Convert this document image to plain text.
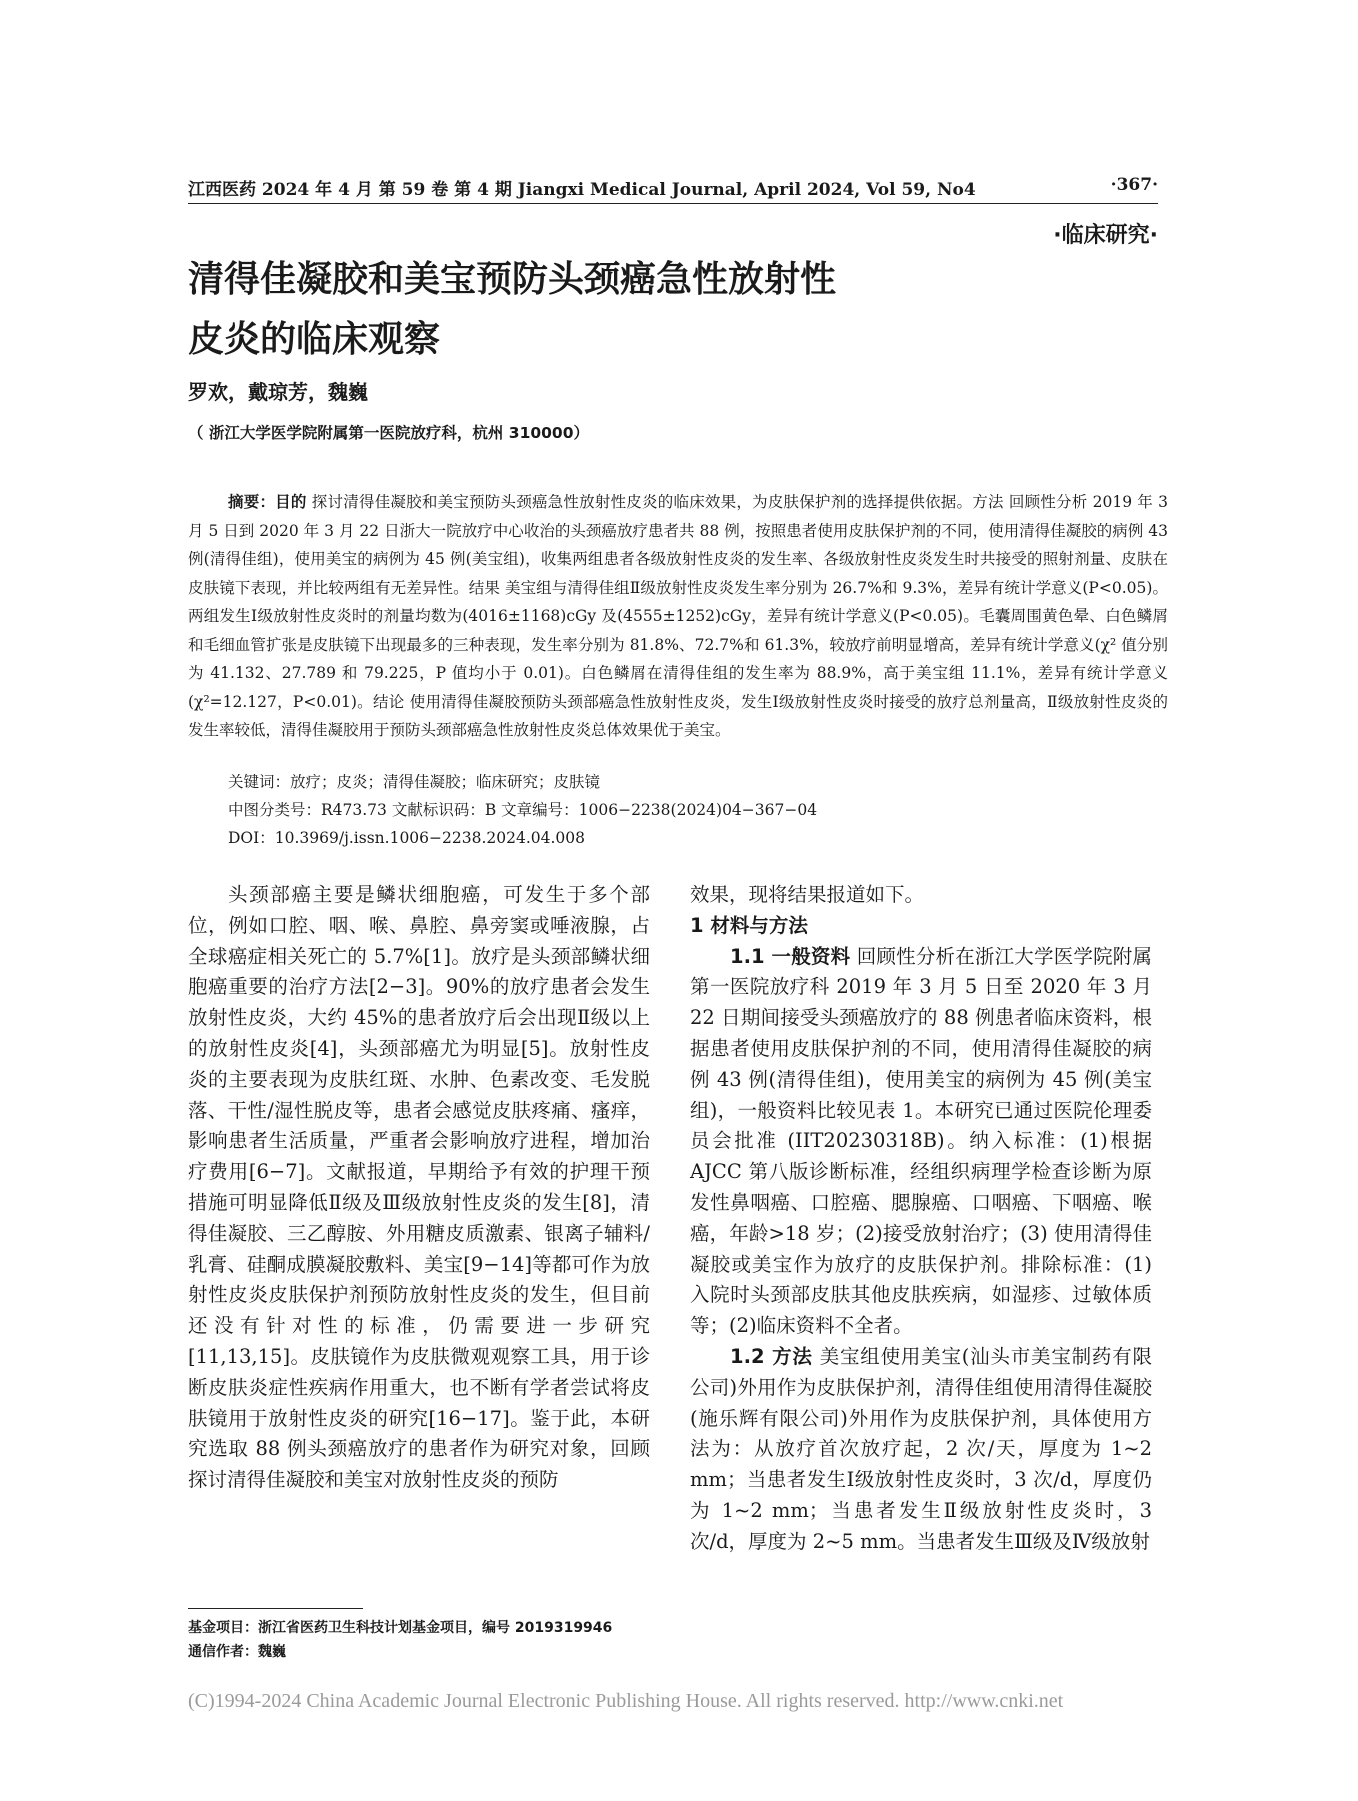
江西医药 2024 年 4 月 第 59 卷 第 4 期 Jiangxi Medical Journal, April 2024, Vol 59, No4	·367·
·临床研究·
清得佳凝胶和美宝预防头颈癌急性放射性
皮炎的临床观察
罗欢，戴琼芳，魏巍
（ 浙江大学医学院附属第一医院放疗科，杭州 310000）

摘要：目的 探讨清得佳凝胶和美宝预防头颈癌急性放射性皮炎的临床效果，为皮肤保护剂的选择提供依据。方法 回顾性分析 2019 年 3 月 5 日到 2020 年 3 月 22 日浙大一院放疗中心收治的头颈癌放疗患者共 88 例，按照患者使用皮肤保护剂的不同，使用清得佳凝胶的病例 43 例(清得佳组)，使用美宝的病例为 45 例(美宝组)，收集两组患者各级放射性皮炎的发生率、各级放射性皮炎发生时共接受的照射剂量、皮肤在皮肤镜下表现，并比较两组有无差异性。结果 美宝组与清得佳组Ⅱ级放射性皮炎发生率分别为 26.7%和 9.3%，差异有统计学意义(P<0.05)。两组发生Ⅰ级放射性皮炎时的剂量均数为(4016±1168)cGy 及(4555±1252)cGy，差异有统计学意义(P<0.05)。毛囊周围黄色晕、白色鳞屑和毛细血管扩张是皮肤镜下出现最多的三种表现，发生率分别为 81.8%、72.7%和 61.3%，较放疗前明显增高，差异有统计学意义(χ² 值分别为 41.132、27.789 和 79.225，P 值均小于 0.01)。白色鳞屑在清得佳组的发生率为 88.9%，高于美宝组 11.1%，差异有统计学意义(χ²=12.127，P<0.01)。结论 使用清得佳凝胶预防头颈部癌急性放射性皮炎，发生Ⅰ级放射性皮炎时接受的放疗总剂量高，Ⅱ级放射性皮炎的发生率较低，清得佳凝胶用于预防头颈部癌急性放射性皮炎总体效果优于美宝。

关键词：放疗；皮炎；清得佳凝胶；临床研究；皮肤镜
中图分类号：R473.73 文献标识码：B 文章编号：1006−2238(2024)04−367−04
DOI：10.3969/j.issn.1006−2238.2024.04.008

头颈部癌主要是鳞状细胞癌，可发生于多个部位，例如口腔、咽、喉、鼻腔、鼻旁窦或唾液腺，占全球癌症相关死亡的 5.7%[1]。放疗是头颈部鳞状细胞癌重要的治疗方法[2−3]。90%的放疗患者会发生放射性皮炎，大约 45%的患者放疗后会出现Ⅱ级以上的放射性皮炎[4]，头颈部癌尤为明显[5]。放射性皮炎的主要表现为皮肤红斑、水肿、色素改变、毛发脱落、干性/湿性脱皮等，患者会感觉皮肤疼痛、瘙痒，影响患者生活质量，严重者会影响放疗进程，增加治疗费用[6−7]。文献报道，早期给予有效的护理干预措施可明显降低Ⅱ级及Ⅲ级放射性皮炎的发生[8]，清得佳凝胶、三乙醇胺、外用糖皮质激素、银离子辅料/乳膏、硅酮成膜凝胶敷料、美宝[9−14]等都可作为放射性皮炎皮肤保护剂预防放射性皮炎的发生，但目前还没有针对性的标准，仍需要进一步研究[11,13,15]。皮肤镜作为皮肤微观观察工具，用于诊断皮肤炎症性疾病作用重大，也不断有学者尝试将皮肤镜用于放射性皮炎的研究[16−17]。鉴于此，本研究选取 88 例头颈癌放疗的患者作为研究对象，回顾探讨清得佳凝胶和美宝对放射性皮炎的预防

效果，现将结果报道如下。

1 材料与方法

1.1 一般资料 回顾性分析在浙江大学医学院附属第一医院放疗科 2019 年 3 月 5 日至 2020 年 3 月 22 日期间接受头颈癌放疗的 88 例患者临床资料，根据患者使用皮肤保护剂的不同，使用清得佳凝胶的病例 43 例(清得佳组)，使用美宝的病例为 45 例(美宝组)，一般资料比较见表 1。本研究已通过医院伦理委员会批准 (IIT20230318B)。纳入标准：(1)根据 AJCC 第八版诊断标准，经组织病理学检查诊断为原发性鼻咽癌、口腔癌、腮腺癌、口咽癌、下咽癌、喉癌，年龄>18 岁；(2)接受放射治疗；(3) 使用清得佳凝胶或美宝作为放疗的皮肤保护剂。排除标准：(1) 入院时头颈部皮肤其他皮肤疾病，如湿疹、过敏体质等；(2)临床资料不全者。

1.2 方法 美宝组使用美宝(汕头市美宝制药有限公司)外用作为皮肤保护剂，清得佳组使用清得佳凝胶(施乐辉有限公司)外用作为皮肤保护剂，具体使用方法为：从放疗首次放疗起，2 次/天，厚度为 1~2 mm；当患者发生Ⅰ级放射性皮炎时，3 次/d，厚度仍为 1~2 mm；当患者发生Ⅱ级放射性皮炎时，3 次/d，厚度为 2~5 mm。当患者发生Ⅲ级及Ⅳ级放射

基金项目：浙江省医药卫生科技计划基金项目，编号 2019319946
通信作者：魏巍
(C)1994-2024 China Academic Journal Electronic Publishing House. All rights reserved. http://www.cnki.net
